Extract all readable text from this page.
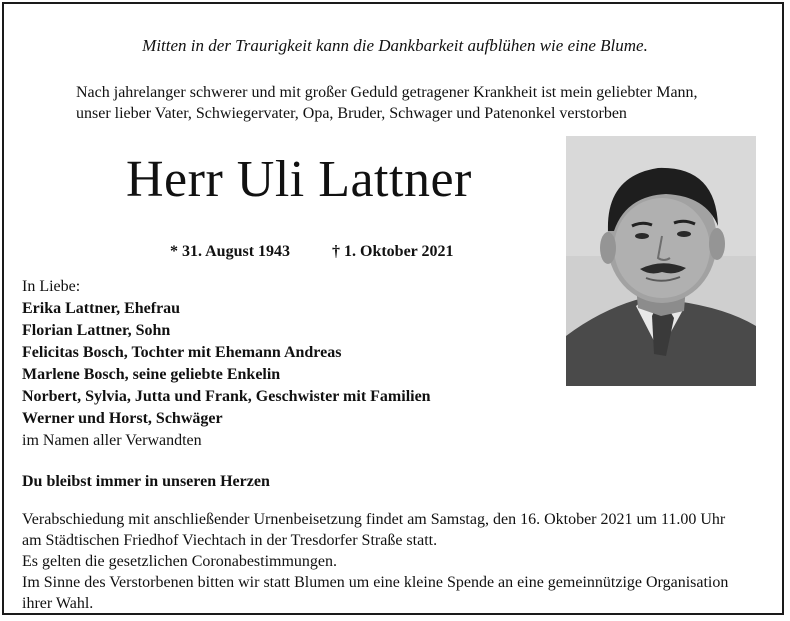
Mitten in der Traurigkeit kann die Dankbarkeit aufblühen wie eine Blume.
Nach jahrelanger schwerer und mit großer Geduld getragener Krankheit ist mein geliebter Mann,
unser lieber Vater, Schwiegervater, Opa, Bruder, Schwager und Patenonkel verstorben
Herr Uli Lattner
* 31. August 1943	† 1. Oktober 2021
In Liebe:
Erika Lattner, Ehefrau
Florian Lattner, Sohn
Felicitas Bosch, Tochter mit Ehemann Andreas
Marlene Bosch, seine geliebte Enkelin
Norbert, Sylvia, Jutta und Frank, Geschwister mit Familien
Werner und Horst, Schwäger
im Namen aller Verwandten
Du bleibst immer in unseren Herzen
Verabschiedung mit anschließender Urnenbeisetzung findet am Samstag, den 16. Oktober 2021 um 11.00 Uhr
am Städtischen Friedhof Viechtach in der Tresdorfer Straße statt.
Es gelten die gesetzlichen Coronabestimmungen.
Im Sinne des Verstorbenen bitten wir statt Blumen um eine kleine Spende an eine gemeinnützige Organisation
ihrer Wahl.
